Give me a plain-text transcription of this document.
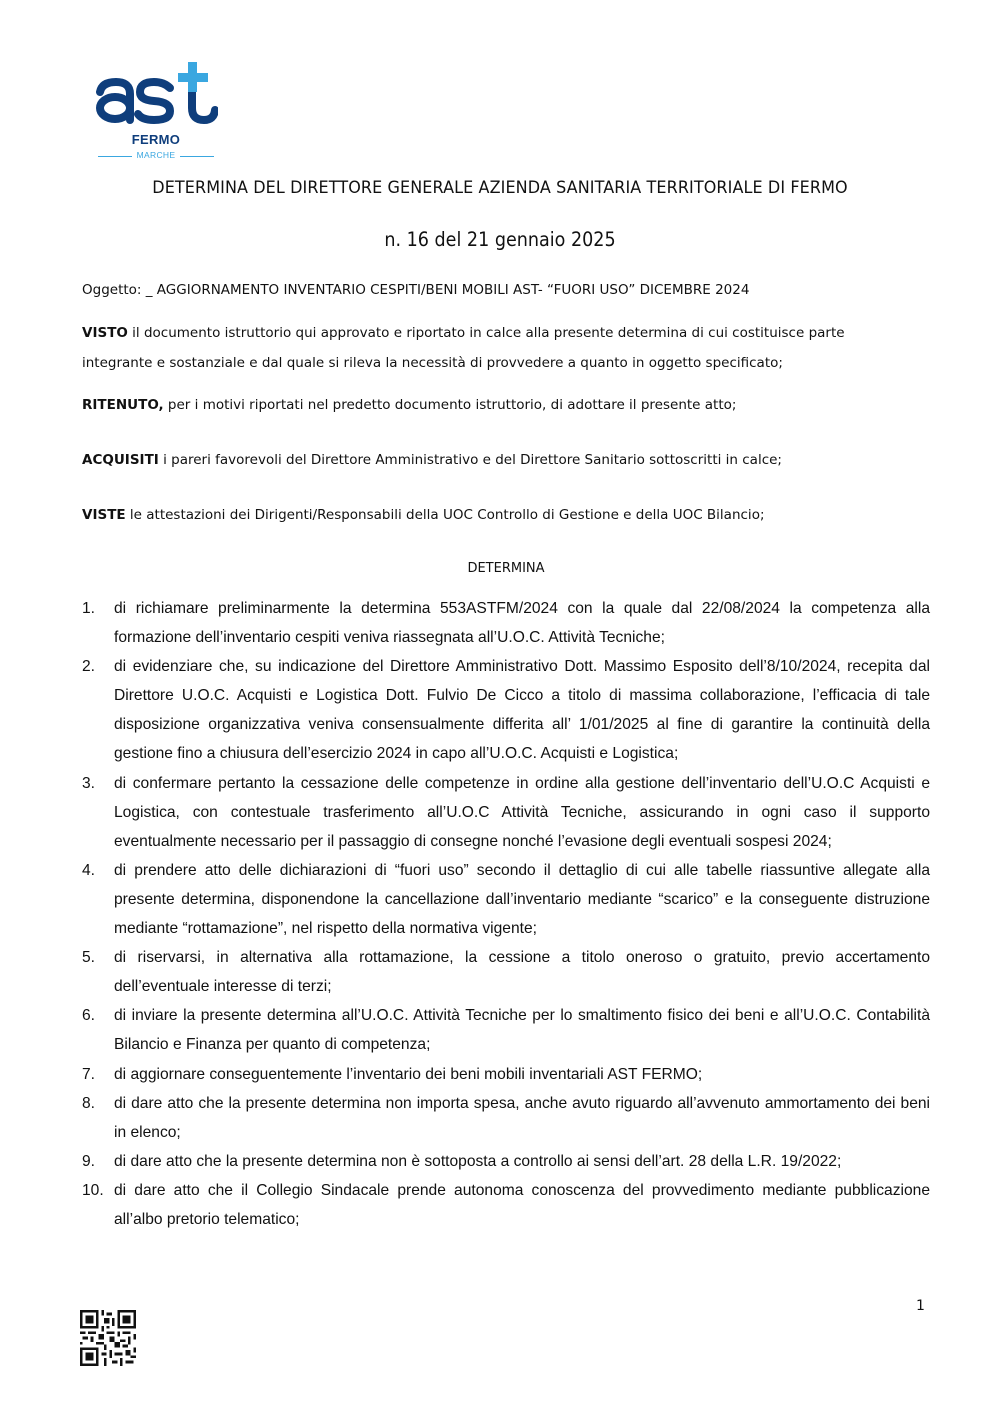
FERMO
MARCHE
DETERMINA DEL DIRETTORE GENERALE AZIENDA SANITARIA TERRITORIALE DI FERMO
n. 16 del 21 gennaio 2025
Oggetto: _ AGGIORNAMENTO INVENTARIO CESPITI/BENI MOBILI AST- “FUORI USO” DICEMBRE 2024
VISTO il documento istruttorio qui approvato e riportato in calce alla presente determina di cui costituisce parte
integrante e sostanziale e dal quale si rileva la necessità di provvedere a quanto in oggetto specificato;
RITENUTO, per i motivi riportati nel predetto documento istruttorio, di adottare il presente atto;
ACQUISITI i pareri favorevoli del Direttore Amministrativo e del Direttore Sanitario sottoscritti in calce;
VISTE le attestazioni dei Dirigenti/Responsabili della UOC Controllo di Gestione e della UOC Bilancio;
DETERMINA
1. di richiamare preliminarmente la determina 553ASTFM/2024 con la quale dal 22/08/2024 la competenza alla formazione dell’inventario cespiti veniva riassegnata all’U.O.C. Attività Tecniche;
2. di evidenziare che, su indicazione del Direttore Amministrativo Dott. Massimo Esposito dell’8/10/2024, recepita dal Direttore U.O.C. Acquisti e Logistica Dott. Fulvio De Cicco a titolo di massima collaborazione, l’efficacia di tale disposizione organizzativa veniva consensualmente differita all’ 1/01/2025 al fine di garantire la continuità della gestione fino a chiusura dell’esercizio 2024 in capo all’U.O.C. Acquisti e Logistica;
3. di confermare pertanto la cessazione delle competenze in ordine alla gestione dell’inventario dell’U.O.C Acquisti e Logistica, con contestuale trasferimento all’U.O.C Attività Tecniche, assicurando in ogni caso il supporto eventualmente necessario per il passaggio di consegne nonché l’evasione degli eventuali sospesi 2024;
4. di prendere atto delle dichiarazioni di “fuori uso” secondo il dettaglio di cui alle tabelle riassuntive allegate alla presente determina, disponendone la cancellazione dall’inventario mediante “scarico” e la conseguente distruzione mediante “rottamazione”, nel rispetto della normativa vigente;
5. di riservarsi, in alternativa alla rottamazione, la cessione a titolo oneroso o gratuito, previo accertamento dell’eventuale interesse di terzi;
6. di inviare la presente determina all’U.O.C. Attività Tecniche per lo smaltimento fisico dei beni e all’U.O.C. Contabilità Bilancio e Finanza per quanto di competenza;
7. di aggiornare conseguentemente l’inventario dei beni mobili inventariali AST FERMO;
8. di dare atto che la presente determina non importa spesa, anche avuto riguardo all’avvenuto ammortamento dei beni in elenco;
9. di dare atto che la presente determina non è sottoposta a controllo ai sensi dell’art. 28 della L.R. 19/2022;
10. di dare atto che il Collegio Sindacale prende autonoma conoscenza del provvedimento mediante pubblicazione all’albo pretorio telematico;
1
